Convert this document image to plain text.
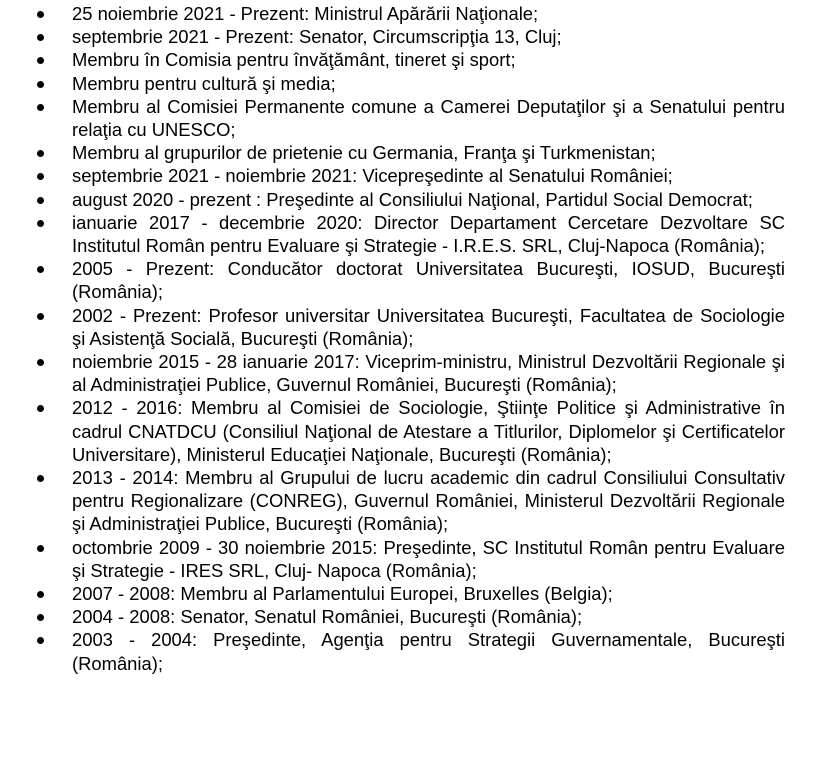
25 noiembrie 2021 - Prezent: Ministrul Apărării Naţionale;
septembrie 2021 - Prezent: Senator, Circumscripţia 13, Cluj;
Membru în Comisia pentru învăţământ, tineret şi sport;
Membru pentru cultură şi media;
Membru al Comisiei Permanente comune a Camerei Deputaţilor şi a Senatului pentru relaţia cu UNESCO;
Membru al grupurilor de prietenie cu Germania, Franţa şi Turkmenistan;
septembrie 2021 - noiembrie 2021: Vicepreşedinte al Senatului României;
august 2020 - prezent : Preşedinte al Consiliului Naţional, Partidul Social Democrat;
ianuarie 2017 - decembrie 2020: Director Departament Cercetare Dezvoltare SC Institutul Român pentru Evaluare şi Strategie - I.R.E.S. SRL, Cluj-Napoca (România);
2005 - Prezent: Conducător doctorat Universitatea Bucureşti, IOSUD, Bucureşti (România);
2002 - Prezent: Profesor universitar Universitatea Bucureşti, Facultatea de Sociologie şi Asistenţă Socială, Bucureşti (România);
noiembrie 2015 - 28 ianuarie 2017: Viceprim-ministru, Ministrul Dezvoltării Regionale şi al Administraţiei Publice, Guvernul României, Bucureşti (România);
2012 - 2016: Membru al Comisiei de Sociologie, Ştiinţe Politice şi Administrative în cadrul CNATDCU (Consiliul Naţional de Atestare a Titlurilor, Diplomelor şi Certificatelor Universitare), Ministerul Educaţiei Naţionale, Bucureşti (România);
2013 - 2014: Membru al Grupului de lucru academic din cadrul Consiliului Consultativ pentru Regionalizare (CONREG), Guvernul României, Ministerul Dezvoltării Regionale şi Administraţiei Publice, Bucureşti (România);
octombrie 2009 - 30 noiembrie 2015: Preşedinte, SC Institutul Român pentru Evaluare şi Strategie - IRES SRL, Cluj- Napoca (România);
2007 - 2008: Membru al Parlamentului Europei, Bruxelles (Belgia);
2004 - 2008: Senator, Senatul României, Bucureşti (România);
2003 - 2004: Preşedinte, Agenţia pentru Strategii Guvernamentale, Bucureşti (România);
